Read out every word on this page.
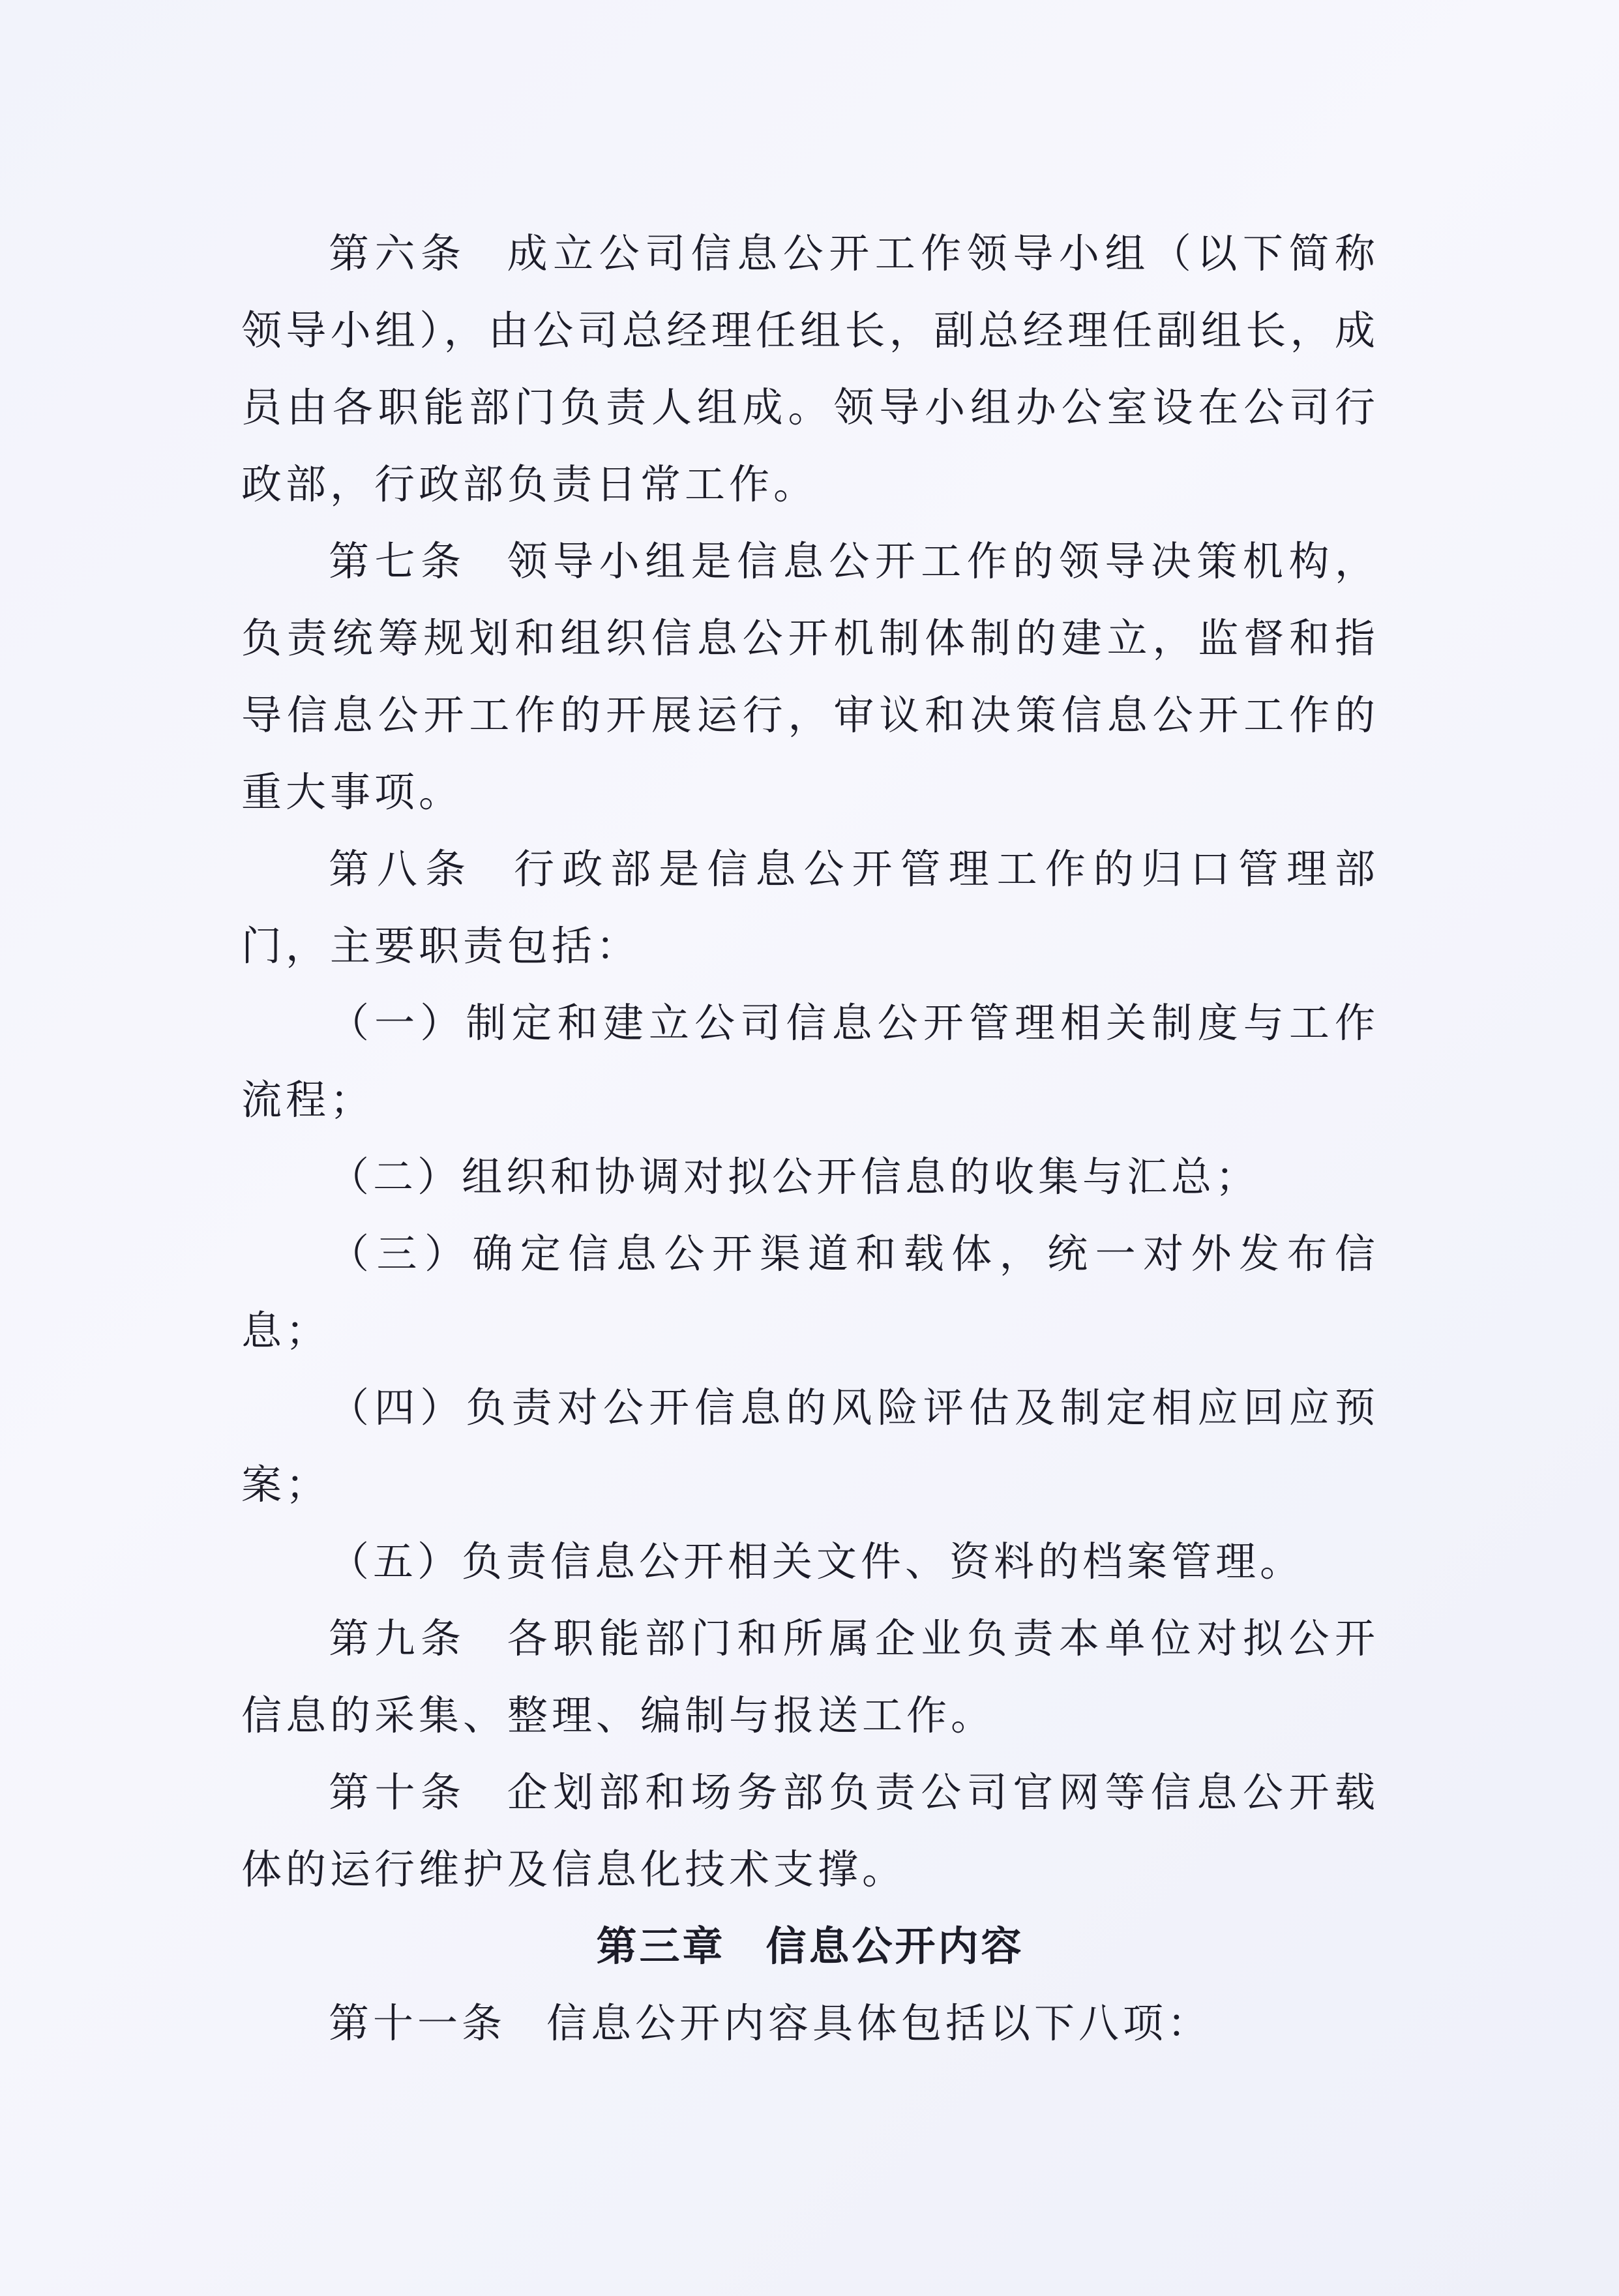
第六条 成立公司信息公开工作领导小组（以下简称领导小组），由公司总经理任组长，副总经理任副组长，成员由各职能部门负责人组成。领导小组办公室设在公司行政部，行政部负责日常工作。

第七条 领导小组是信息公开工作的领导决策机构，负责统筹规划和组织信息公开机制体制的建立，监督和指导信息公开工作的开展运行，审议和决策信息公开工作的重大事项。

第八条 行政部是信息公开管理工作的归口管理部门，主要职责包括：

（一）制定和建立公司信息公开管理相关制度与工作流程；

（二）组织和协调对拟公开信息的收集与汇总；

（三）确定信息公开渠道和载体，统一对外发布信息；

（四）负责对公开信息的风险评估及制定相应回应预案；

（五）负责信息公开相关文件、资料的档案管理。

第九条 各职能部门和所属企业负责本单位对拟公开信息的采集、整理、编制与报送工作。

第十条 企划部和场务部负责公司官网等信息公开载体的运行维护及信息化技术支撑。

第三章 信息公开内容

第十一条 信息公开内容具体包括以下八项：
